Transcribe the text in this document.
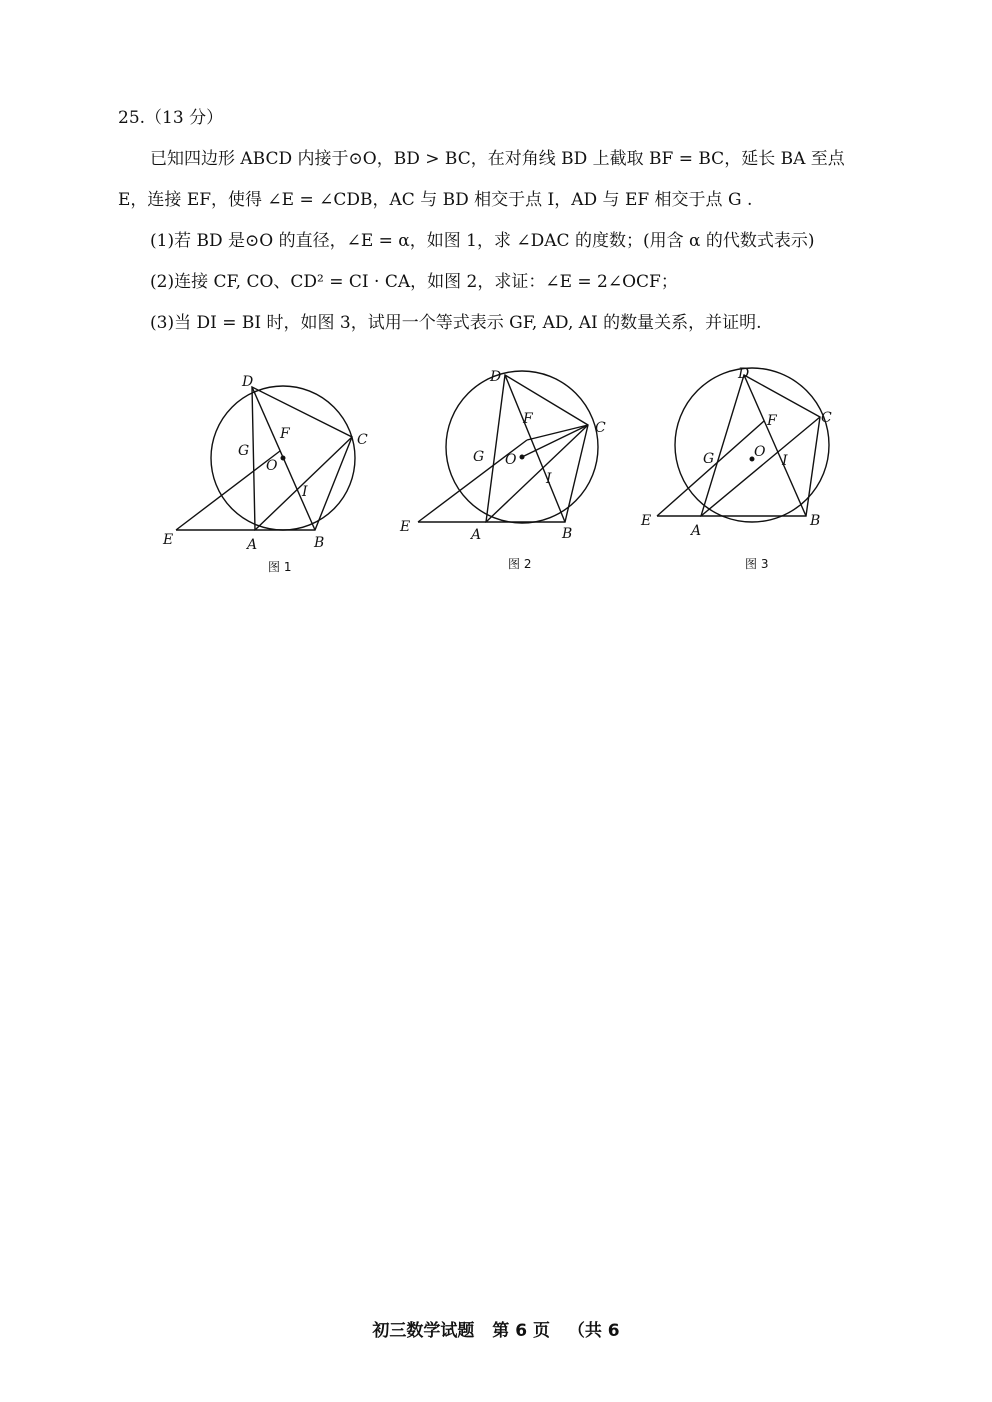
25.（13 分）
已知四边形 ABCD 内接于⊙O，BD > BC，在对角线 BD 上截取 BF = BC，延长 BA 至点
E，连接 EF，使得 ∠E = ∠CDB，AC 与 BD 相交于点 I，AD 与 EF 相交于点 G .
(1)若 BD 是⊙O 的直径，∠E = α，如图 1，求 ∠DAC 的度数；(用含 α 的代数式表示)
(2)连接 CF, CO、CD² = CI · CA，如图 2，求证：∠E = 2∠OCF；
(3)当 DI = BI 时，如图 3，试用一个等式表示 GF, AD, AI 的数量关系，并证明.
D
G
F
O
C
I
E	A	B
D
F
G O
C
I
E	A	B
D
F
G	O
C
I
E
A
B
图 1	图 2	图 3
初三数学试题 第 6 页 （共 6
